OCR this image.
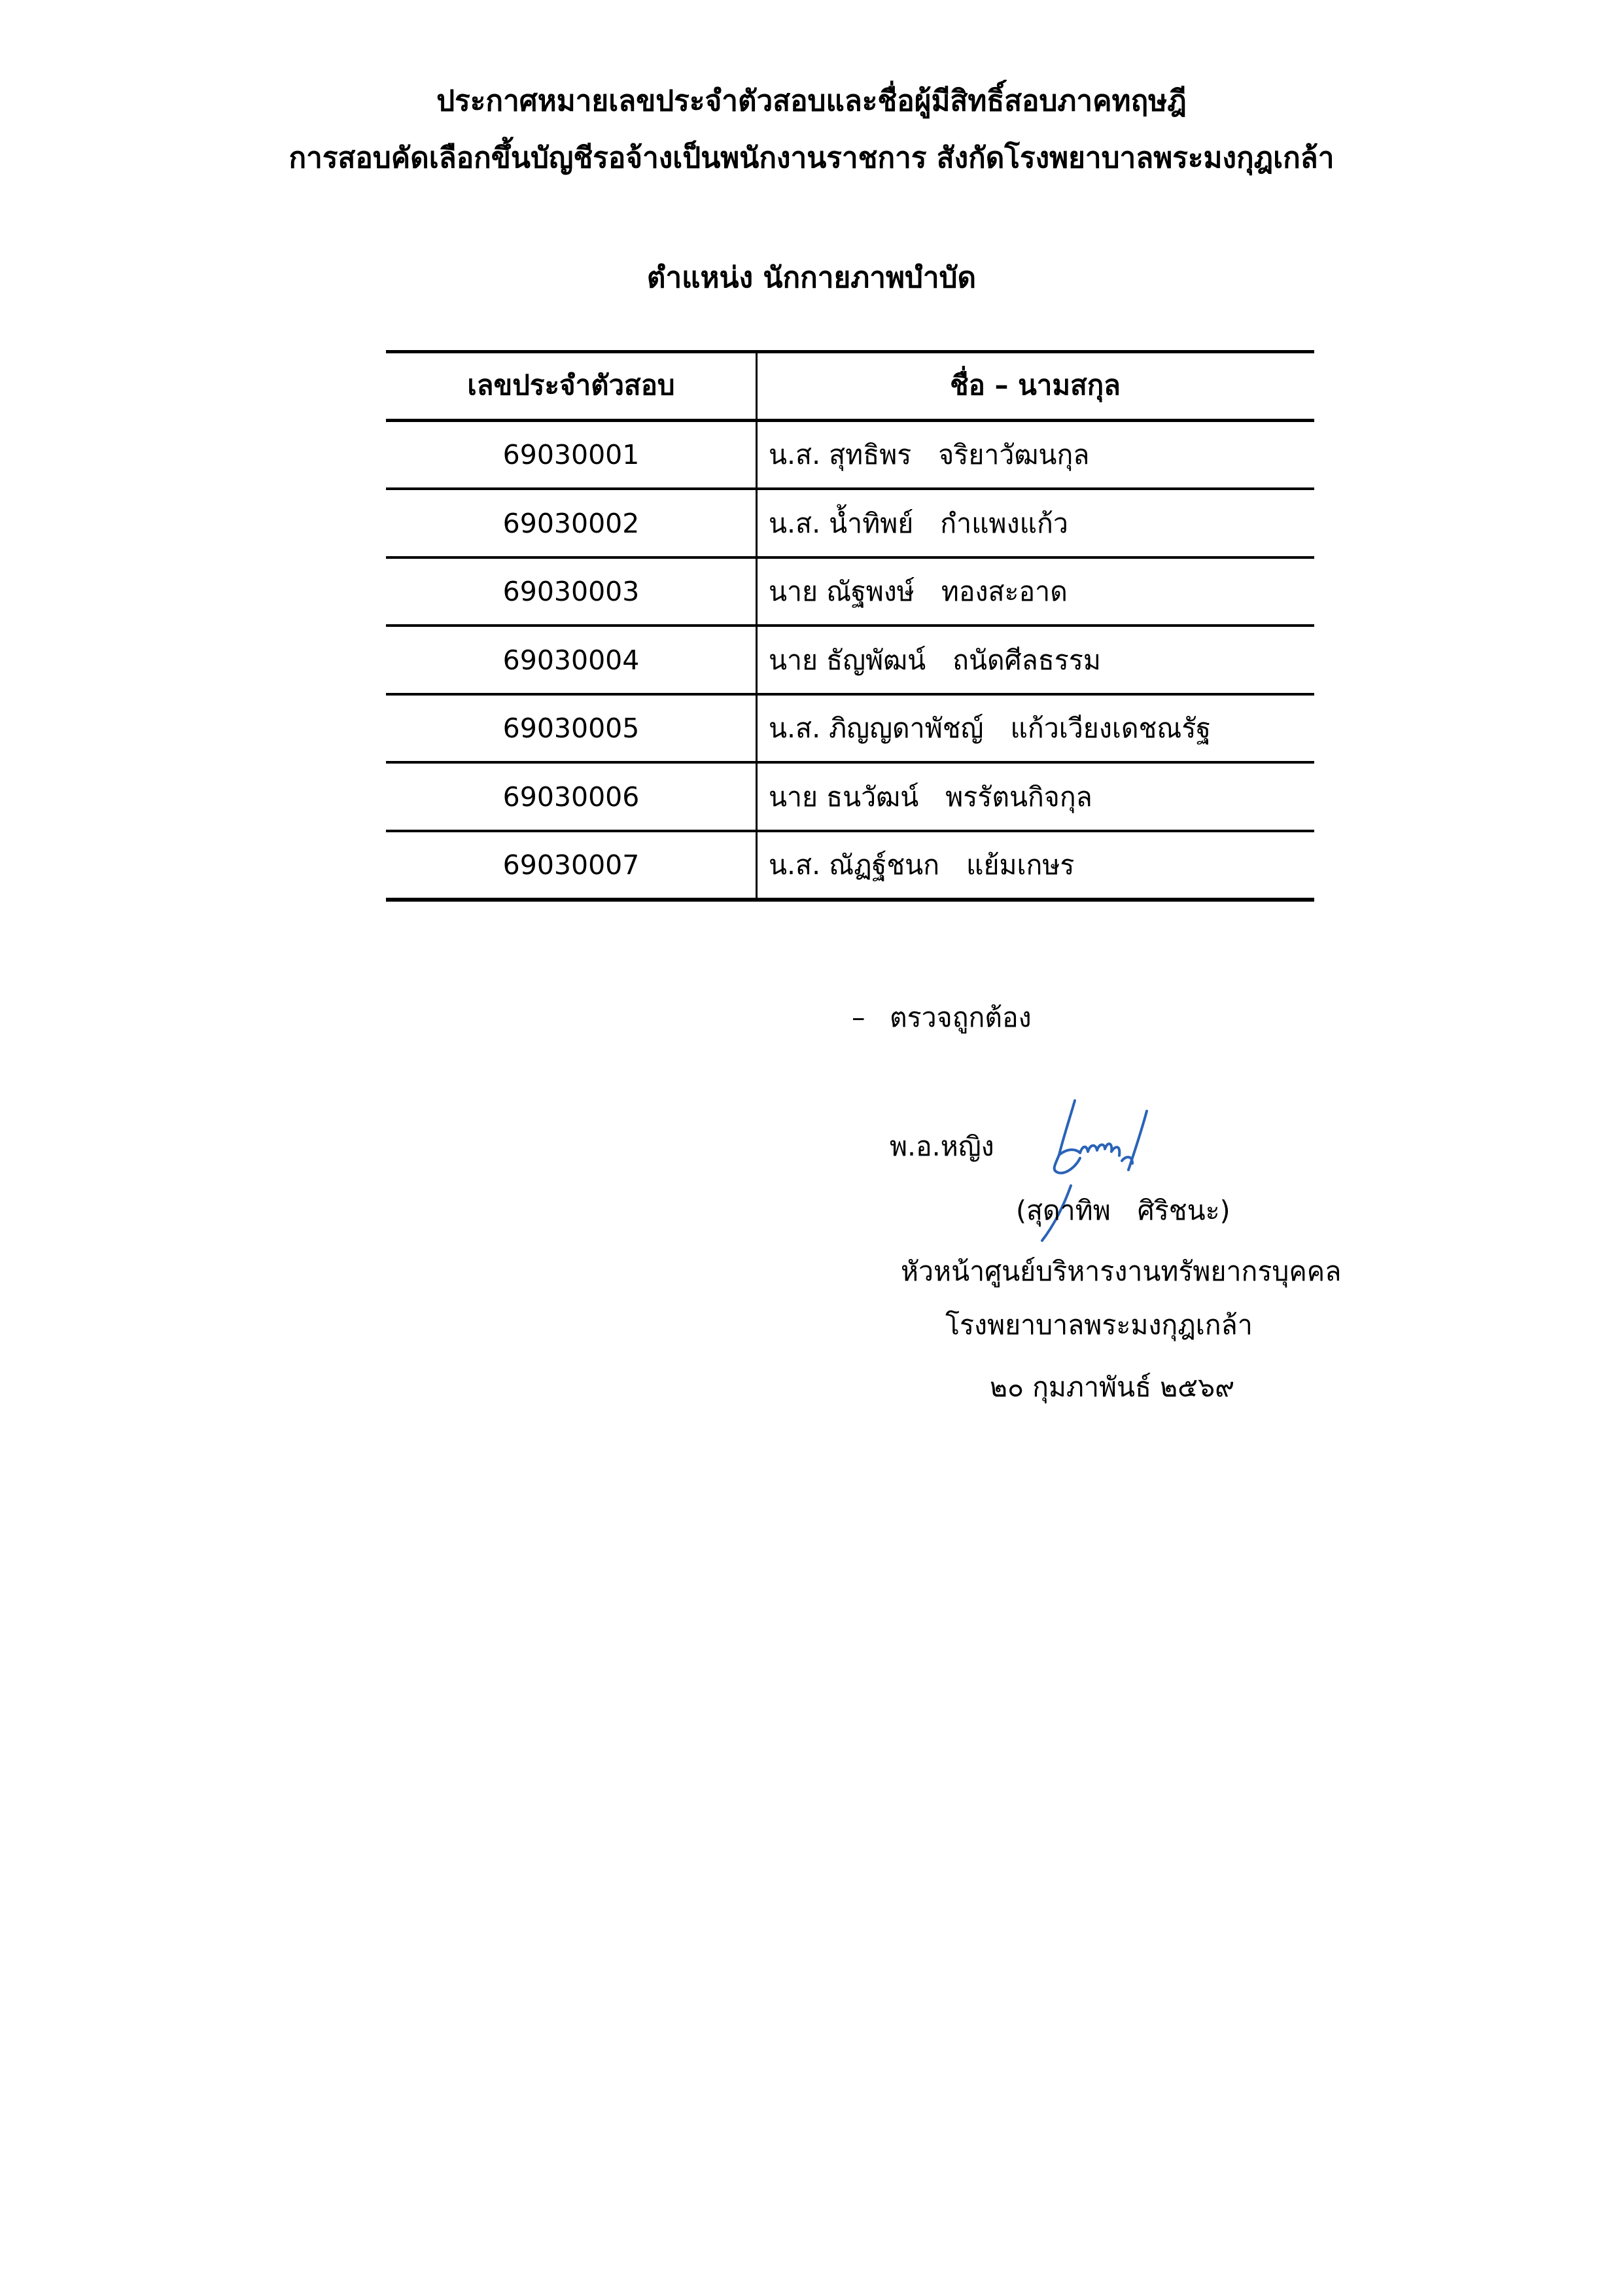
ประกาศหมายเลขประจำตัวสอบและชื่อผู้มีสิทธิ์สอบภาคทฤษฎี
การสอบคัดเลือกขึ้นบัญชีรอจ้างเป็นพนักงานราชการ สังกัดโรงพยาบาลพระมงกุฎเกล้า
ตำแหน่ง นักกายภาพบำบัด
เลขประจำตัวสอบ	ชื่อ – นามสกุล
69030001	น.ส. สุทธิพร จริยาวัฒนกุล
69030002	น.ส. น้ำทิพย์ กำแพงแก้ว
69030003	นาย ณัฐพงษ์ ทองสะอาด
69030004	นาย ธัญพัฒน์ ถนัดศีลธรรม
69030005	น.ส. ภิญญดาพัชญ์ แก้วเวียงเดชณรัฐ
69030006	นาย ธนวัฒน์ พรรัตนกิจกุล
69030007	น.ส. ณัฏฐ์ชนก แย้มเกษร
– ตรวจถูกต้อง
พ.อ.หญิง
(สุดาทิพ ศิริชนะ)
หัวหน้าศูนย์บริหารงานทรัพยากรบุคคล
โรงพยาบาลพระมงกุฎเกล้า
๒๐ กุมภาพันธ์ ๒๕๖๙
